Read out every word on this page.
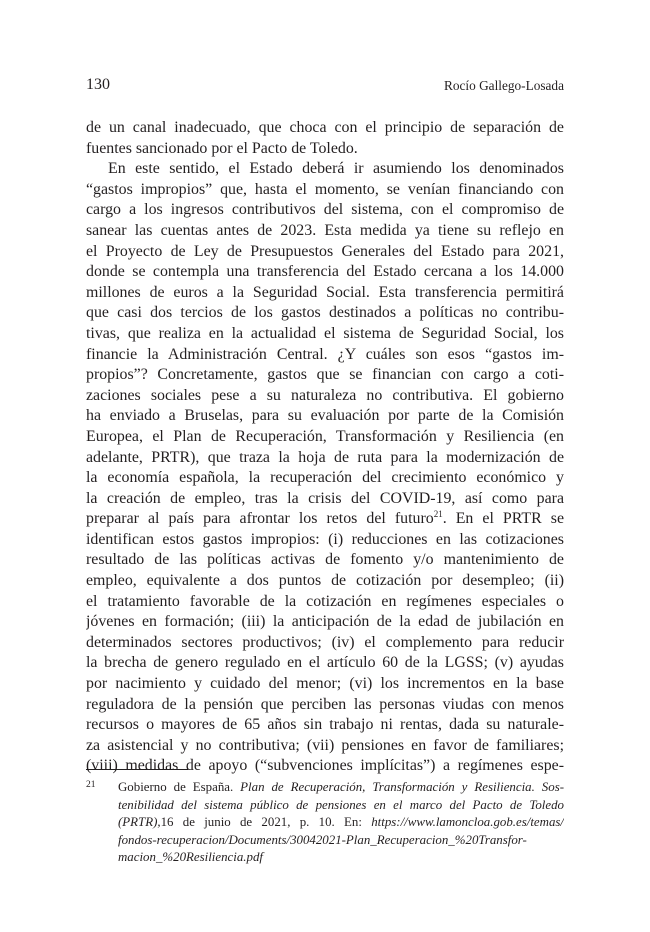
130	Rocío Gallego-Losada
de un canal inadecuado, que choca con el principio de separación de
fuentes sancionado por el Pacto de Toledo.
En este sentido, el Estado deberá ir asumiendo los denominados
“gastos impropios” que, hasta el momento, se venían financiando con
cargo a los ingresos contributivos del sistema, con el compromiso de
sanear las cuentas antes de 2023. Esta medida ya tiene su reflejo en
el Proyecto de Ley de Presupuestos Generales del Estado para 2021,
donde se contempla una transferencia del Estado cercana a los 14.000
millones de euros a la Seguridad Social. Esta transferencia permitirá
que casi dos tercios de los gastos destinados a políticas no contribu-
tivas, que realiza en la actualidad el sistema de Seguridad Social, los
financie la Administración Central. ¿Y cuáles son esos “gastos im-
propios”? Concretamente, gastos que se financian con cargo a coti-
zaciones sociales pese a su naturaleza no contributiva. El gobierno
ha enviado a Bruselas, para su evaluación por parte de la Comisión
Europea, el Plan de Recuperación, Transformación y Resiliencia (en
adelante, PRTR), que traza la hoja de ruta para la modernización de
la economía española, la recuperación del crecimiento económico y
la creación de empleo, tras la crisis del COVID-19, así como para
preparar al país para afrontar los retos del futuro$^{21}$. En el PRTR se
identifican estos gastos impropios: (i) reducciones en las cotizaciones
resultado de las políticas activas de fomento y/o mantenimiento de
empleo, equivalente a dos puntos de cotización por desempleo; (ii)
el tratamiento favorable de la cotización en regímenes especiales o
jóvenes en formación; (iii) la anticipación de la edad de jubilación en
determinados sectores productivos; (iv) el complemento para reducir
la brecha de genero regulado en el artículo 60 de la LGSS; (v) ayudas
por nacimiento y cuidado del menor; (vi) los incrementos en la base
reguladora de la pensión que perciben las personas viudas con menos
recursos o mayores de 65 años sin trabajo ni rentas, dada su naturale-
za asistencial y no contributiva; (vii) pensiones en favor de familiares;
(viii) medidas de apoyo (“subvenciones implícitas”) a regímenes espe-
21 Gobierno de España. Plan de Recuperación, Transformación y Resiliencia. Sos-
tenibilidad del sistema público de pensiones en el marco del Pacto de Toledo
(PRTR),16 de junio de 2021, p. 10. En: https://www.lamoncloa.gob.es/temas/
fondos-recuperacion/Documents/30042021-Plan_Recuperacion_%20Transfor-
macion_%20Resiliencia.pdf
